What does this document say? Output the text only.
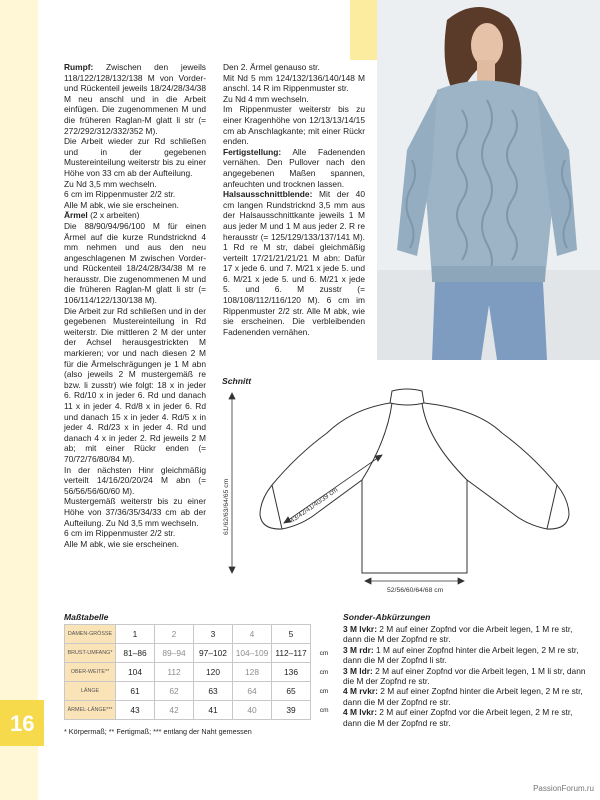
Rumpf: Zwischen den jeweils 118/122/128/132/138 M von Vorder- und Rückenteil jeweils 18/24/28/34/38 M neu anschl und in die Arbeit einfügen. Die zugenommenen M und die früheren Raglan-M glatt li str (= 272/292/312/332/352 M).

Die Arbeit wieder zur Rd schließen und in der gegebenen Mustereinteilung weiterstr bis zu einer Höhe von 33 cm ab der Aufteilung.

Zu Nd 3,5 mm wechseln.

6 cm im Rippenmuster 2/2 str.

Alle M abk, wie sie erscheinen.

Ärmel (2 x arbeiten)

Die 88/90/94/96/100 M für einen Ärmel auf die kurze Rundstricknd 4 mm nehmen und aus den neu angeschlagenen M zwischen Vorder- und Rückenteil 18/24/28/34/38 M re herausstr. Die zugenommenen M und die früheren Raglan-M glatt li str (= 106/114/122/130/138 M).

Die Arbeit zur Rd schließen und in der gegebenen Mustereinteilung in Rd weiterstr. Die mittleren 2 M der unter der Achsel herausgestrickten M markieren; vor und nach diesen 2 M für die Ärmelschrägungen je 1 M abn (also jeweils 2 M mustergemäß re bzw. li zusstr) wie folgt: 18 x in jeder 6. Rd/10 x in jeder 6. Rd und danach 11 x in jeder 4. Rd/8 x in jeder 6. Rd und danach 15 x in jeder 4. Rd/5 x in jeder 4. Rd/23 x in jeder 4. Rd und danach 4 x in jeder 2. Rd jeweils 2 M ab; mit einer Rückr enden (= 70/72/76/80/84 M).

In der nächsten Hinr gleichmäßig verteilt 14/16/20/20/24 M abn (= 56/56/56/60/60 M).

Mustergemäß weiterstr bis zu einer Höhe von 37/36/35/34/33 cm ab der Aufteilung. Zu Nd 3,5 mm wechseln.

6 cm im Rippenmuster 2/2 str.

Alle M abk, wie sie erscheinen.

Den 2. Ärmel genauso str.

Mit Nd 5 mm 124/132/136/140/148 M anschl. 14 R im Rippenmuster str.

Zu Nd 4 mm wechseln.

Im Rippenmuster weiterstr bis zu einer Kragenhöhe von 12/13/13/14/15 cm ab Anschlagkante; mit einer Rückr enden.

Fertigstellung: Alle Fadenenden vernähen. Den Pullover nach den angegebenen Maßen spannen, anfeuchten und trocknen lassen.

Halsausschnittblende: Mit der 40 cm langen Rundstricknd 3,5 mm aus der Halsausschnittkante jeweils 1 M aus jeder M und 1 M aus jeder 2. R re herausstr (= 125/129/133/137/141 M). 1 Rd re M str, dabei gleichmäßig verteilt 17/21/21/21/21 M abn: Dafür 17 x jede 6. und 7. M/21 x jede 5. und 6. M/21 x jede 5. und 6. M/21 x jede 5. und 6. M zusstr (= 108/108/112/116/120 M). 6 cm im Rippenmuster 2/2 str. Alle M abk, wie sie erscheinen. Die verbleibenden Fadenenden vernähen.

Schnitt
61/62/63/64/65 cm	43/42/41/40/39 cm
52/56/60/64/68 cm
Maßtabelle
DAMEN-GRÖSSE	1	2	3	4	5	
BRUST-UMFANG*	81–86	89–94	97–102	104–109	112–117	cm
OBER-WEITE**	104	112	120	128	136	cm
LÄNGE	61	62	63	64	65	cm
ÄRMEL-LÄNGE***	43	42	41	40	39	cm
* Körpermaß; ** Fertigmaß; *** entlang der Naht gemessen
Sonder-Abkürzungen

3 M lvkr: 2 M auf einer Zopfnd vor die Arbeit legen, 1 M re str, dann die M der Zopfnd re str.

3 M rdr: 1 M auf einer Zopfnd hinter die Arbeit legen, 2 M re str, dann die M der Zopfnd li str.

3 M ldr: 2 M auf einer Zopfnd vor die Arbeit legen, 1 M li str, dann die M der Zopfnd re str.

4 M rvkr: 2 M auf einer Zopfnd hinter die Arbeit legen, 2 M re str, dann die M der Zopfnd re str.

4 M lvkr: 2 M auf einer Zopfnd vor die Arbeit legen, 2 M re str, dann die M der Zopfnd re str.

16
PassionForum.ru
